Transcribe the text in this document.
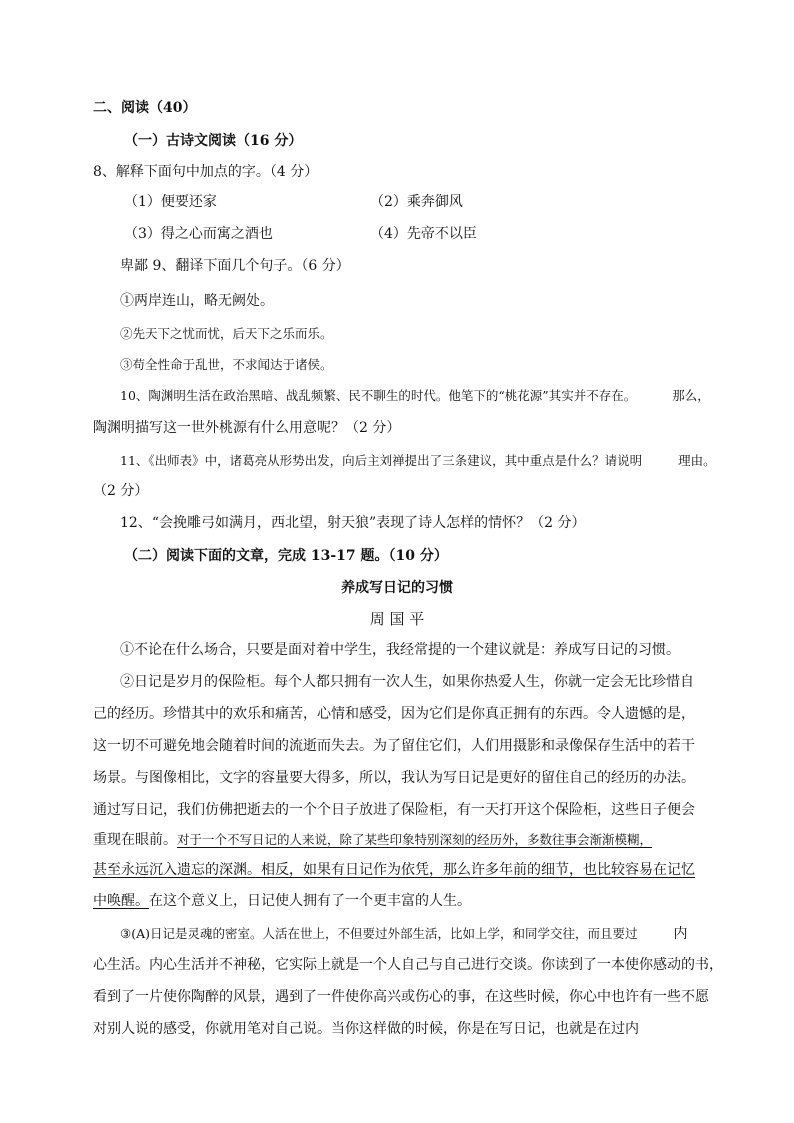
二、阅读（40）
（一）古诗文阅读（16 分）
8、解释下面句中加点的字。（4 分）
（1）便要还家	（2）乘奔御风
（3）得之心而寓之酒也	（4）先帝不以臣
卑鄙 9、翻译下面几个句子。（6 分）
①两岸连山，略无阙处。
②先天下之忧而忧，后天下之乐而乐。
③苟全性命于乱世，不求闻达于诸侯。
10、陶渊明生活在政治黑暗、战乱频繁、民不聊生的时代。他笔下的“桃花源”其实并不存在。	那么，
陶渊明描写这一世外桃源有什么用意呢？（2 分）
11、《出师表》中，诸葛亮从形势出发，向后主刘禅提出了三条建议，其中重点是什么？请说明	理由。
（2 分）
12、“会挽雕弓如满月，西北望，射天狼”表现了诗人怎样的情怀？（2 分）
（二）阅读下面的文章，完成 13-17 题。（10 分）
养成写日记的习惯
周 国 平
①不论在什么场合，只要是面对着中学生，我经常提的一个建议就是：养成写日记的习惯。
②日记是岁月的保险柜。每个人都只拥有一次人生，如果你热爱人生，你就一定会无比珍惜自
己的经历。珍惜其中的欢乐和痛苦，心情和感受，因为它们是你真正拥有的东西。令人遗憾的是，
这一切不可避免地会随着时间的流逝而失去。为了留住它们，人们用摄影和录像保存生活中的若干
场景。与图像相比，文字的容量要大得多，所以，我认为写日记是更好的留住自己的经历的办法。
通过写日记，我们仿佛把逝去的一个个日子放进了保险柜，有一天打开这个保险柜，这些日子便会
重现在眼前。对于一个不写日记的人来说，除了某些印象特别深刻的经历外，多数往事会渐渐模糊，
甚至永远沉入遗忘的深渊。相反，如果有日记作为依凭，那么许多年前的细节，也比较容易在记忆
中唤醒。在这个意义上，日记使人拥有了一个更丰富的人生。
③(A)日记是灵魂的密室。人活在世上，不但要过外部生活，比如上学，和同学交往，而且要过	内
心生活。内心生活并不神秘，它实际上就是一个人自己与自己进行交谈。你读到了一本使你感动的书，
看到了一片使你陶醉的风景，遇到了一件使你高兴或伤心的事，在这些时候，你心中也许有一些不愿
对别人说的感受，你就用笔对自己说。当你这样做的时候，你是在写日记，也就是在过内
